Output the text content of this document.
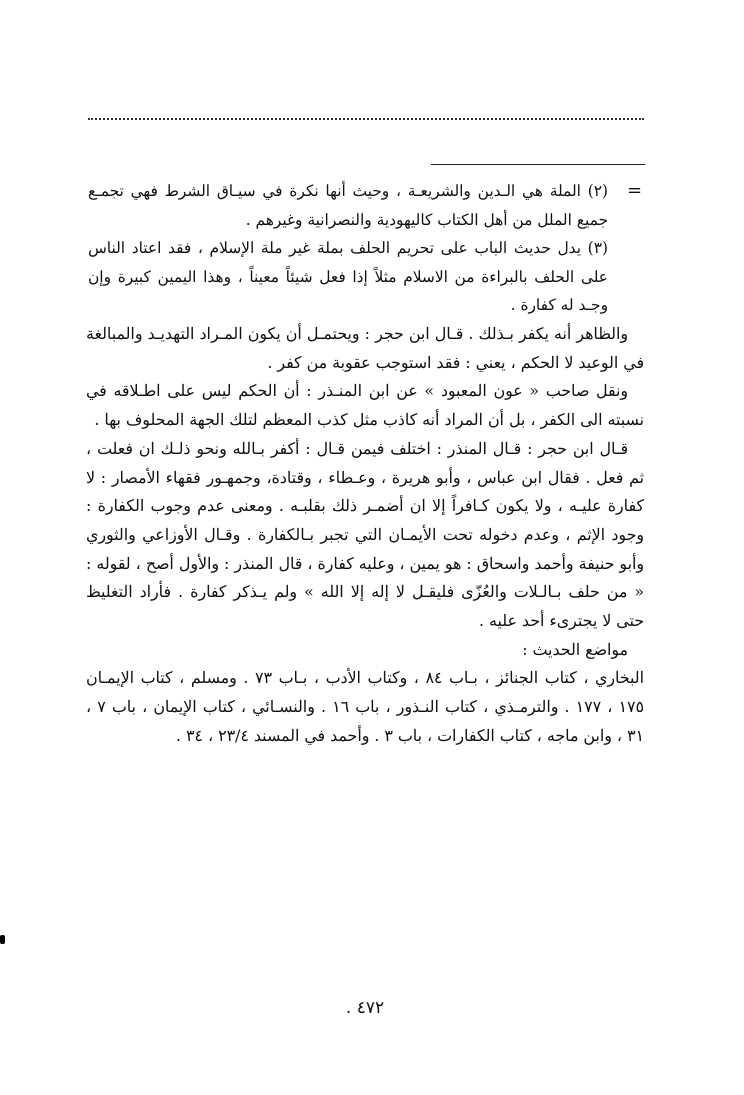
=

(٢) الملة هي الـدين والشريعـة ، وحيث أنها نكرة في سيـاق الشرط فهي تجمـع جميع الملل من أهل الكتاب كاليهودية والنصرانية وغيرهم .

(٣) يدل حديث الباب على تحريم الحلف بملة غير ملة الإسلام ، فقد اعتاد الناس على الحلف بالبراءة من الاسلام مثلاً إذا فعل شيئاً معيناً ، وهذا اليمين كبيرة وإن وجـد له كفارة .

والظاهر أنه يكفر بـذلك . قـال ابن حجر : ويحتمـل أن يكون المـراد التهديـد والمبالغة في الوعيد لا الحكم ، يعني : فقد استوجب عقوبة من كفر .

ونقل صاحب « عون المعبود » عن ابن المنـذر : أن الحكم ليس على اطـلاقه في نسبته الى الكفر ، بل أن المراد أنه كاذب مثل كذب المعظم لتلك الجهة المحلوف بها .

قـال ابن حجر : قـال المنذر : اختلف فيمن قـال : أكفر بـالله ونحو ذلـك ان فعلت ، ثم فعل . فقال ابن عباس ، وأبو هريرة ، وعـطاء ، وقتادة، وجمهـور فقهاء الأمصار : لا كفارة عليـه ، ولا يكون كـافراً إلا ان أضمـر ذلك بقلبـه . ومعنى عدم وجوب الكفارة : وجود الإثم ، وعدم دخوله تحت الأيمـان التي تجبر بـالكفارة . وقـال الأوزاعي والثوري وأبو حنيفة وأحمد واسحاق : هو يمين ، وعليه كفارة ، قال المنذر : والأول أصح ، لقوله : « من حلف بـالـلات والعُزّى فليقـل لا إله إلا الله » ولم يـذكر كفارة . فأراد التغليظ حتى لا يجترىء أحد عليه .

مواضع الحديث :

البخاري ، كتاب الجنائز ، بـاب ٨٤ ، وكتاب الأدب ، بـاب ٧٣ . ومسلم ، كتاب الإيمـان ١٧٥ ، ١٧٧ . والترمـذي ، كتاب النـذور ، باب ١٦ . والنسـائي ، كتاب الإيمان ، باب ٧ ، ٣١ ، وابن ماجه ، كتاب الكفارات ، باب ٣ . وأحمد في المسند ٢٣/٤ ، ٣٤ .

٤٧٢ .
